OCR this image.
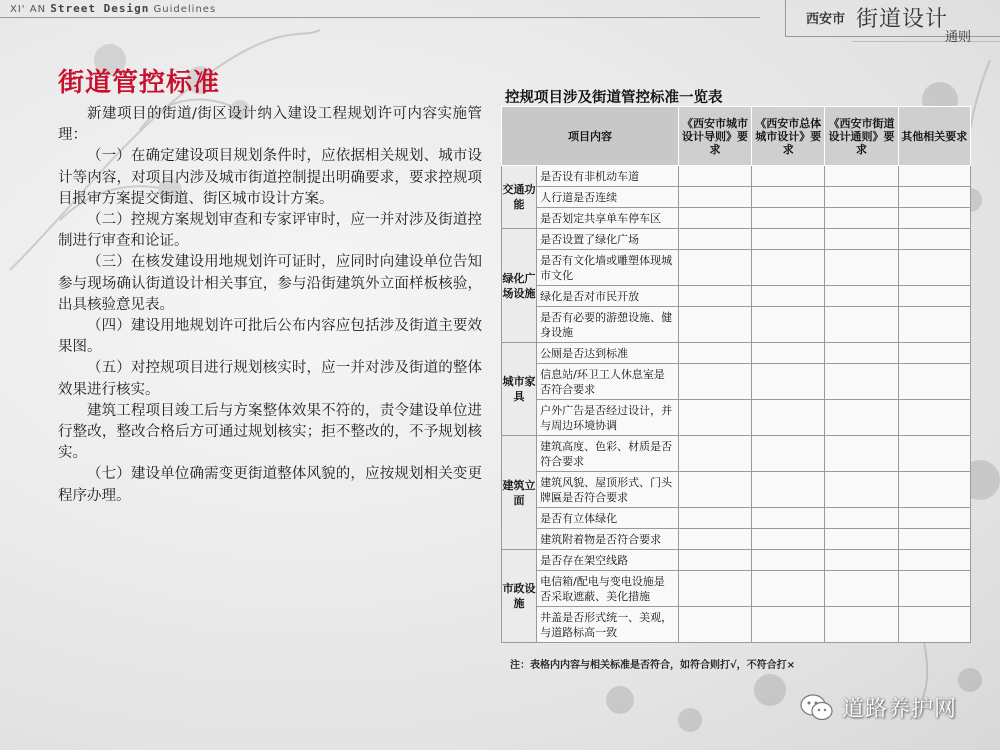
XI' AN Street Design Guidelines
西安市 街道设计
通则
街道管控标准

新建项目的街道/街区设计纳入建设工程规划许可内容实施管理：

（一）在确定建设项目规划条件时，应依据相关规划、城市设计等内容，对项目内涉及城市街道控制提出明确要求，要求控规项目报审方案提交街道、街区城市设计方案。

（二）控规方案规划审查和专家评审时，应一并对涉及街道控制进行审查和论证。

（三）在核发建设用地规划许可证时，应同时向建设单位告知参与现场确认街道设计相关事宜，参与沿街建筑外立面样板核验，出具核验意见表。

（四）建设用地规划许可批后公布内容应包括涉及街道主要效果图。

（五）对控规项目进行规划核实时，应一并对涉及街道的整体效果进行核实。

建筑工程项目竣工后与方案整体效果不符的，责令建设单位进行整改，整改合格后方可通过规划核实；拒不整改的，不予规划核实。

（七）建设单位确需变更街道整体风貌的，应按规划相关变更程序办理。

控规项目涉及街道管控标准一览表
项目内容		《西安市城市设计导则》要求	《西安市总体城市设计》要求	《西安市街道设计通则》要求	其他相关要求
交通功能	是否设有非机动车道				
	人行道是否连续				
	是否划定共享单车停车区				
绿化广场设施	是否设置了绿化广场				
	是否有文化墙或雕塑体现城市文化				
	绿化是否对市民开放				
	是否有必要的游憩设施、健身设施				
城市家具	公厕是否达到标准				
	信息站/环卫工人休息室是否符合要求				
	户外广告是否经过设计，并与周边环境协调				
建筑立面	建筑高度、色彩、材质是否符合要求				
	建筑风貌、屋顶形式、门头牌匾是否符合要求				
	是否有立体绿化				
	建筑附着物是否符合要求				
市政设施	是否存在架空线路				
	电信箱/配电与变电设施是否采取遮蔽、美化措施				
	井盖是否形式统一、美观，与道路标高一致				
注：表格内内容与相关标准是否符合，如符合则打√，不符合打×
道路养护网
